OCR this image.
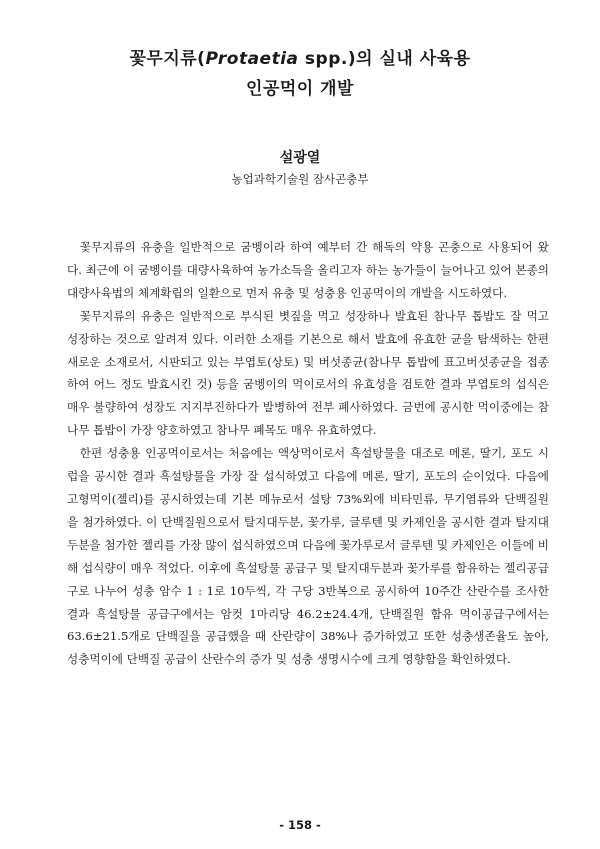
꽃무지류(Protaetia spp.)의 실내 사육용
인공먹이 개발
설광열
농업과학기술원 잠사곤충부

꽃무지류의 유충을 일반적으로 굼벵이라 하여 예부터 간 해독의 약용 곤충으로 사용되어 왔다. 최근에 이 굼벵이를 대량사육하여 농가소득을 올리고자 하는 농가들이 늘어나고 있어 본종의 대량사육법의 체계확립의 일환으로 먼저 유충 및 성충용 인공먹이의 개발을 시도하였다.

꽃무지류의 유충은 일반적으로 부식된 볏짚을 먹고 성장하나 발효된 참나무 톱밥도 잘 먹고 성장하는 것으로 알려져 있다. 이러한 소재를 기본으로 해서 발효에 유효한 균을 탐색하는 한편 새로운 소재로서, 시판되고 있는 부엽토(상토) 및 버섯종균(참나무 톱밥에 표고버섯종균을 접종하여 어느 정도 발효시킨 것) 등을 굼벵이의 먹이로서의 유효성을 검토한 결과 부엽토의 섭식은 매우 불량하여 성장도 지지부진하다가 발병하여 전부 폐사하였다. 금번에 공시한 먹이중에는 참나무 톱밥이 가장 양호하였고 참나무 폐목도 매우 유효하였다.

한편 성충용 인공먹이로서는 처음에는 액상먹이로서 흑설탕물을 대조로 메론, 딸기, 포도 시럽을 공시한 결과 흑설탕물을 가장 잘 섭식하였고 다음에 메론, 딸기, 포도의 순이었다. 다음에 고형먹이(젤리)를 공시하였는데 기본 메뉴로서 설탕 73%외에 비타민류, 무기염류와 단백질원을 첨가하였다. 이 단백질원으로서 탈지대두분, 꽃가루, 글루텐 및 카제인을 공시한 결과 탈지대두분을 첨가한 젤리를 가장 많이 섭식하였으며 다음에 꽃가루로서 글루텐 및 카제인은 이들에 비해 섭식량이 매우 적었다. 이후에 흑설탕물 공급구 및 탈지대두분과 꽃가루를 함유하는 젤리공급구로 나누어 성충 암수 1 : 1로 10두씩, 각 구당 3반복으로 공시하여 10주간 산란수를 조사한 결과 흑설탕물 공급구에서는 암컷 1마리당 46.2±24.4개, 단백질원 함유 먹이공급구에서는 63.6±21.5개로 단백질을 공급했을 때 산란량이 38%나 증가하였고 또한 성충생존율도 높아, 성충먹이에 단백질 공급이 산란수의 증가 및 성충 생명시수에 크게 영향함을 확인하였다.

- 158 -
